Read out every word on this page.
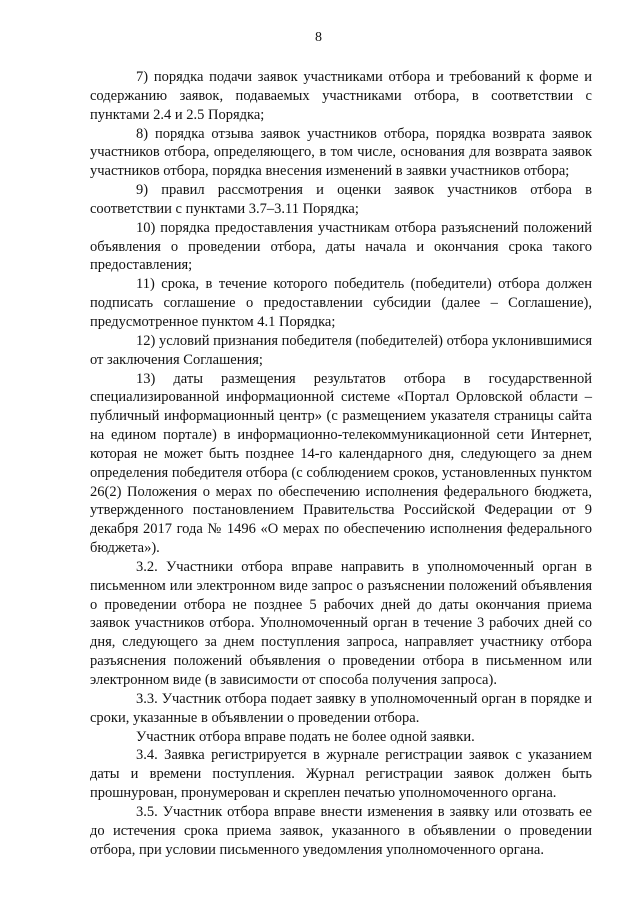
8

7) порядка подачи заявок участниками отбора и требований к форме и содержанию заявок, подаваемых участниками отбора, в соответствии с пунктами 2.4 и 2.5 Порядка;

8) порядка отзыва заявок участников отбора, порядка возврата заявок участников отбора, определяющего, в том числе, основания для возврата заявок участников отбора, порядка внесения изменений в заявки участников отбора;

9) правил рассмотрения и оценки заявок участников отбора в соответствии с пунктами 3.7–3.11 Порядка;

10) порядка предоставления участникам отбора разъяснений положений объявления о проведении отбора, даты начала и окончания срока такого предоставления;

11) срока, в течение которого победитель (победители) отбора должен подписать соглашение о предоставлении субсидии (далее – Соглашение), предусмотренное пунктом 4.1 Порядка;

12) условий признания победителя (победителей) отбора уклонившимися от заключения Соглашения;

13) даты размещения результатов отбора в государственной специализированной информационной системе «Портал Орловской области – публичный информационный центр» (с размещением указателя страницы сайта на едином портале) в информационно-телекоммуникационной сети Интернет, которая не может быть позднее 14-го календарного дня, следующего за днем определения победителя отбора (с соблюдением сроков, установленных пунктом 26(2) Положения о мерах по обеспечению исполнения федерального бюджета, утвержденного постановлением Правительства Российской Федерации от 9 декабря 2017 года № 1496 «О мерах по обеспечению исполнения федерального бюджета»).

3.2. Участники отбора вправе направить в уполномоченный орган в письменном или электронном виде запрос о разъяснении положений объявления о проведении отбора не позднее 5 рабочих дней до даты окончания приема заявок участников отбора. Уполномоченный орган в течение 3 рабочих дней со дня, следующего за днем поступления запроса, направляет участнику отбора разъяснения положений объявления о проведении отбора в письменном или электронном виде (в зависимости от способа получения запроса).

3.3. Участник отбора подает заявку в уполномоченный орган в порядке и сроки, указанные в объявлении о проведении отбора.

Участник отбора вправе подать не более одной заявки.

3.4. Заявка регистрируется в журнале регистрации заявок с указанием даты и времени поступления. Журнал регистрации заявок должен быть прошнурован, пронумерован и скреплен печатью уполномоченного органа.

3.5. Участник отбора вправе внести изменения в заявку или отозвать ее до истечения срока приема заявок, указанного в объявлении о проведении отбора, при условии письменного уведомления уполномоченного органа.
